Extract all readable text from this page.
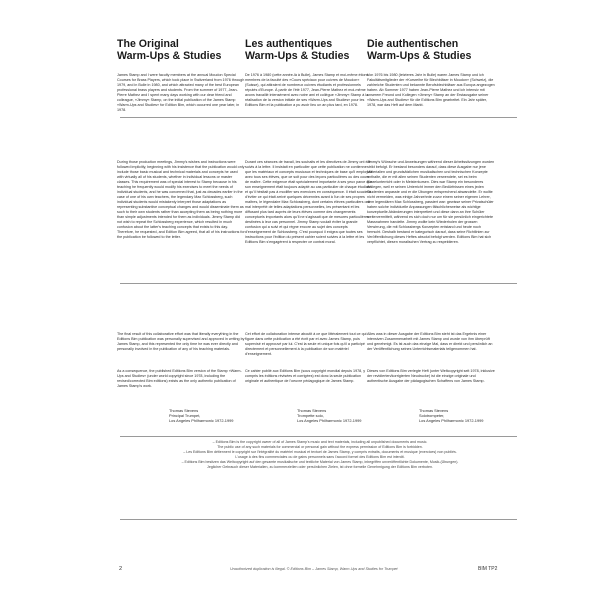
The Original
Warm-Ups & Studies

James Stamp and I were faculty members at the annual Moudon Special Courses for Brass Players, which took place in Switzerland from 1976 through 1979, and in Bulle in 1980, and which attracted many of the best European professional brass players and students. From the summer of 1977, Jean-Pierre Mathez and I spent many days working with our dear friend and colleague, »Jimmy« Stamp, on the initial publication of the James Stamp »Warm-Ups and Studies« for Edition Bim, which occurred one year later, in 1978.

During those production meetings, Jimmy's wishes and instructions were followed implicitly, beginning with his insistence that the publication would only include those basic musical and technical materials and concepts he used with virtually all of his students, whether in individual lessons or master classes. This requirement was of special interest to Stamp because in his teaching he frequently would modify his exercises to meet the needs of individual students, and he was concerned that, just as decades earlier in the case of one of his own teachers, the legendary Max Schlossberg, such individual students would mistakenly interpret those adaptations as representing substantive conceptual changes and would disseminate them as such to their own students rather than accepting them as being nothing more than simple adjustments intended for them as individuals. Jimmy Stamp did not wish to repeat the Schlossberg experience, which resulted in much confusion about the latter's teaching concepts that exists to this day. Therefore, he requested, and Edition Bim agreed, that all of his instructions for the publication be followed to the letter.

The final result of this collaborative effort was that literally everything in the Editions Bim publication was personally supervised and approved in writing by James Stamp, and this represented the only time he was ever directly and personally involved in the publication of any of his teaching materials.

As a consequence, the published Editions Bim version of the Stamp »Warm-Ups and Studies« (under world copyright since 1978, including the revised/corrected Bim editions) exists as the only authentic publication of James Stamp's work.

Thomas Stevens
Principal Trumpet,
Los Angeles Philharmonic 1972-1999
Les authentiques
Warm-Ups & Studies

De 1976 à 1980 (cette année-là à Bulle), James Stamp et moi-même étions membres de la faculté des »Cours spéciaux pour cuivres de Moudon« (Suisse), qui attiraient de nombreux cuivres étudiants et professionnels réputés d'Europe. À partir de l'été 1977, Jean-Pierre Mathez et moi-même avons travaillé intensément avec notre ami et collègue »Jimmy« Stamp à la réalisation de la version initiale de ses »Warm-Ups and Studies« pour les Editions Bim et la publication a pu avoir lieu un an plus tard, en 1978.

Durant ces séances de travail, les souhaits et les directives de Jimmy ont été suivis à la lettre. Il insistait en particulier que cette publication ne contienne que les matériaux et concepts musicaux et techniques de base qu'il employait avec tous ses élèves, que ce soit pour des leçons particulières ou des cours de maître. Cette exigence était spécialement importante à ses yeux parce que son enseignement était toujours adapté au cas particulier de chaque étudiant et qu'il hésitait pas à modifier ses exercices en conséquence. Il était soucieux d'éviter ce qui était arrivé quelques décennies avant à l'un de ses propres maîtres, le légendaire Max Schlossberg, dont certains élèves particuliers ont mal interprété de telles adaptations personnelles, les présentant et les diffusant plus tard auprès de leurs élèves comme des changements conceptuels importants alors qu'il ne s'agissait que de mesures particulières destinées à leur cas personnel. Jimmy Stamp voulait éviter la grande confusion qui a suivi et qui règne encore au sujet des concepts d'enseignement de Schlossberg. C'est pourquoi il exigea que toutes ses instructions pour l'édition du présent cahier soient suivies à la lettre et les Editions Bim s'engagèrent à respecter ce contrat moral.

Cet effort de collaboration intense aboutit à ce que littéralement tout ce qui figure dans cette publication a été écrit par et avec James Stamp, puis supervisé et approuvé par lui. C'est la seule et unique fois qu'il a participé directement et personnellement à la publication de son matériel d'enseignement.

Ce cahier publié aux Editions Bim (sous copyright mondial depuis 1978, y compris les éditions révisées et corrigées) est donc la seule publication originale et authentique de l'oeuvre pédagogique de James Stamp.

Thomas Stevens
Trompette solo,
Los Angeles Philharmonic 1972-1999
Die authentischen
Warm-Ups & Studies

Von 1976 bis 1980 (letzteres Jahr in Bulle) waren James Stamp und ich Fakultätsmitglieder der »Kursreihe für Blechbläser in Moudon« (Schweiz), die zahlreiche Studenten und bekannte Berufsblechbläser aus Europa angezogen haben. Ab Sommer 1977 haben Jean-Pierre Mathez und ich intensiv mit unserem Freund und Kollegen »Jimmy« Stamp an der Erstausgabe seiner »Warm-Ups and Studies« für die Editions Bim gearbeitet. Ein Jahr später, 1978, war das Heft auf dem Markt.

Jimmy's Wünsche und Anweisungen während dieser Arbeitssitzungen wurden strikt befolgt. Er bestand besonders darauf, dass diese Ausgabe nur jene Materialien und grundsätzlichen musikalischen und technischen Konzepte enthalte, die er mit allen seinen Studenten verwendete, sei es beim Einzelunterricht oder in Meisterkursen. Dies war Stamp ein besonderes Anliegen, weil er seinen Unterricht immer den Bedürfnissen eines jeden Studenten anpasste und er die Übungen entsprechend abwandelte. Er wollte nicht vermeiden, was einige Jahrzehnte zuvor einem seiner eigenen Lehrer, dem legendären Max Schlossberg, passiert war: gewisse seiner Privatschüler haben solche individuelle Anpassungen fälschlicherweise als wichtige konzeptuelle Abänderungen interpretiert und diese dann an ihre Schüler weitervermittelt, während es sich doch nur um für sie persönlich eingerichtete Massnahmen handelte. Jimmy wollte kein Wiederholen der grossen Verwirrung, die mit Schlossbergs Konzepten entstand und heute noch herrscht. Deshalb bestand er kategorisch darauf, dass seine Richtlinien zur Veröffentlichung dieses Heftes absolut befolgt werden. Editions Bim hat sich verpflichtet, diesen moralischen Vertrag zu respektieren.

Alles was in dieser Ausgabe der Editions Bim steht ist das Ergebnis einer intensiven Zusammenarbeit mit James Stamp und wurde von ihm überprüft und genehmigt. Es ist auch das einzige Mal, dass er direkt und persönlich an der Veröffentlichung seines Unterrichtsmaterials teilgenommen hat.

Dieses von Editions Bim verlegte Heft (unter Weltcopyright seit 1978, inklusive der revidierten/korrigierten Neudrucke) ist die einzige originale und authentische Ausgabe der pädagogischen Schaffens von James Stamp.

Thomas Stevens
Solotrompeter,
Los Angeles Philharmonic 1972-1999
– Editions Bim is the copyright owner of all of James Stamp's music and text materials, including all unpublished documents and music.
The public use of any such materials for commercial or personal gain without the express permission of Editions Bim is forbidden.
– Les Editions Bim détiennent le copyright sur l'intégralité du matériel musical et textuel de James Stamp, y compris extraits, documents et musique (exercices) non publiés.
L'usage à des fins commerciales ou de gains personnels sans l'accord formel des Editions Bim est interdit.
– Editions Bim besitzen das Weltcopyright auf den gesamte musikalische und textliche Material von James Stamp, inbegriffen unveröffentlichte Dokumente, Musik-(Übungen).
Jeglicher Gebrauch dieser Materialien, zu kommerziellen oder persönlichen Zielen, ist ohne formelle Genehmigung der Editions Bim verboten.
2	Unauthorized duplication is illegal. © Editions Bim – James Stamp, Warm-Ups and Studies for Trumpet	BIM TP2
